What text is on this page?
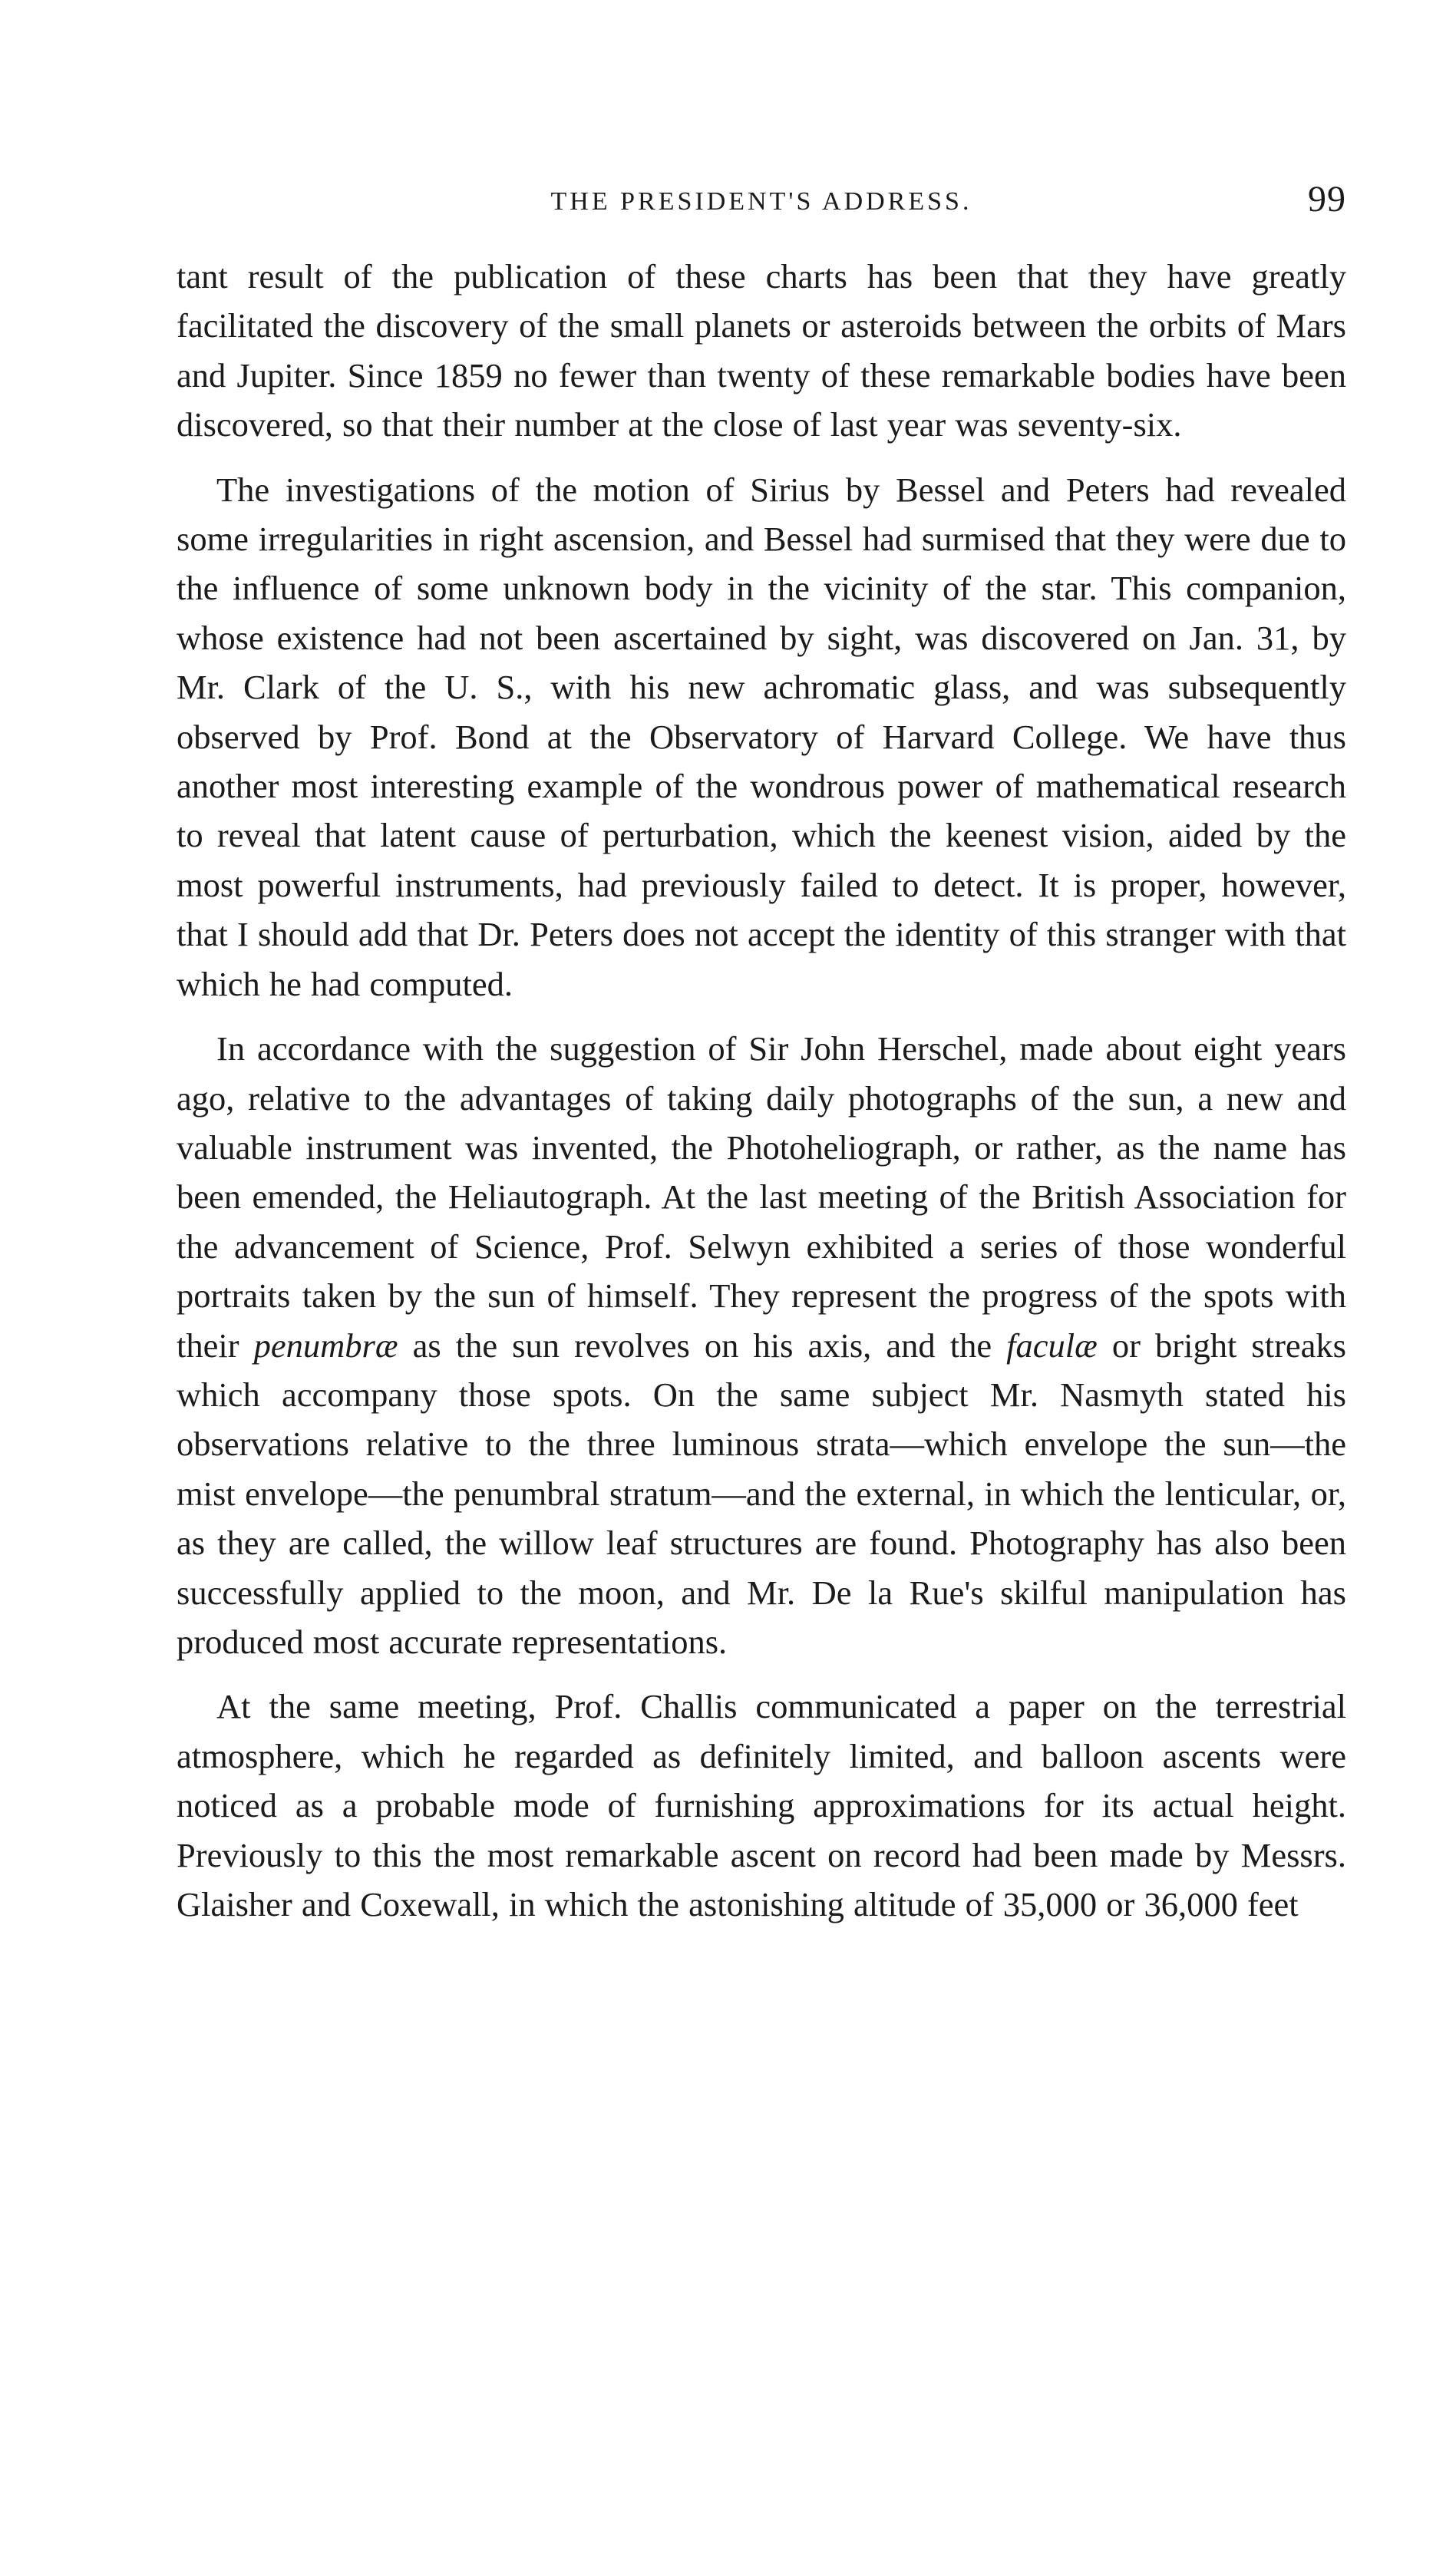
THE PRESIDENT'S ADDRESS.	99

tant result of the publication of these charts has been that they have greatly facilitated the discovery of the small planets or asteroids between the orbits of Mars and Jupiter. Since 1859 no fewer than twenty of these remarkable bodies have been discovered, so that their number at the close of last year was seventy-six.

The investigations of the motion of Sirius by Bessel and Peters had revealed some irregularities in right ascension, and Bessel had surmised that they were due to the influence of some unknown body in the vicinity of the star. This companion, whose existence had not been ascertained by sight, was discovered on Jan. 31, by Mr. Clark of the U. S., with his new achromatic glass, and was subsequently observed by Prof. Bond at the Observatory of Harvard College. We have thus another most interesting example of the wondrous power of mathematical research to reveal that latent cause of perturbation, which the keenest vision, aided by the most powerful instruments, had previously failed to detect. It is proper, however, that I should add that Dr. Peters does not accept the identity of this stranger with that which he had computed.

In accordance with the suggestion of Sir John Herschel, made about eight years ago, relative to the advantages of taking daily photographs of the sun, a new and valuable instrument was invented, the Photoheliograph, or rather, as the name has been emended, the Heliautograph. At the last meeting of the British Association for the advancement of Science, Prof. Selwyn exhibited a series of those wonderful portraits taken by the sun of himself. They represent the progress of the spots with their penumbræ as the sun revolves on his axis, and the faculæ or bright streaks which accompany those spots. On the same subject Mr. Nasmyth stated his observations relative to the three luminous strata—which envelope the sun—the mist envelope—the penumbral stratum—and the external, in which the lenticular, or, as they are called, the willow leaf structures are found. Photography has also been successfully applied to the moon, and Mr. De la Rue's skilful manipulation has produced most accurate representations.

At the same meeting, Prof. Challis communicated a paper on the terrestrial atmosphere, which he regarded as definitely limited, and balloon ascents were noticed as a probable mode of furnishing approximations for its actual height. Previously to this the most remarkable ascent on record had been made by Messrs. Glaisher and Coxewall, in which the astonishing altitude of 35,000 or 36,000 feet
